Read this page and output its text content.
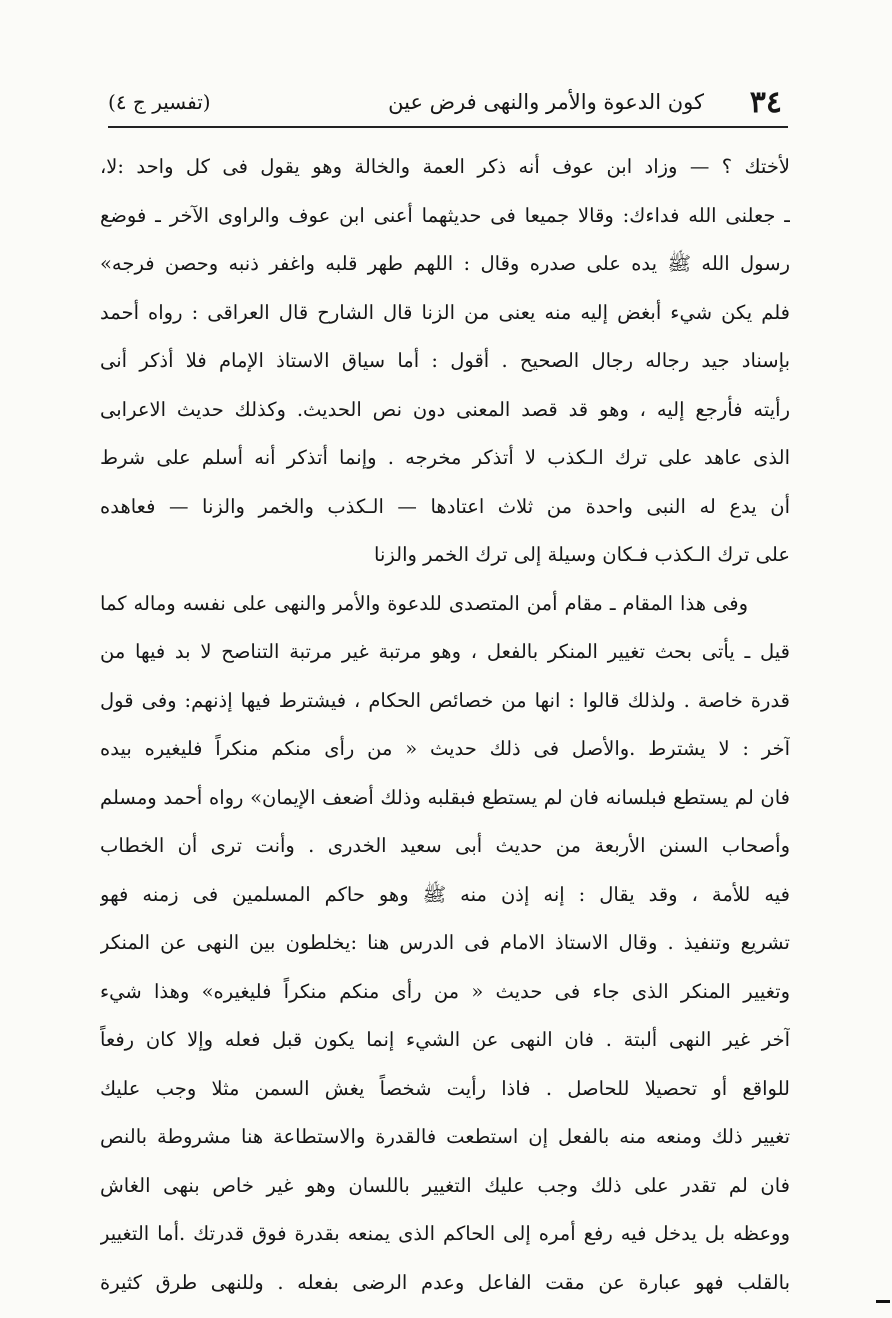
٣٤
كون الدعوة والأمر والنهى فرض عين
(تفسير ج ٤)
لأختك ؟ — وزاد ابن عوف أنه ذكر العمة والخالة وهو يقول فى كل واحد :لا،
ـ جعلنى الله فداءك: وقالا جميعا فى حديثهما أعنى ابن عوف والراوى الآخر ـ فوضع
رسول الله ﷺ يده على صدره وقال : اللهم طهر قلبه واغفر ذنبه وحصن فرجه»
فلم يكن شيء أبغض إليه منه يعنى من الزنا قال الشارح قال العراقى : رواه أحمد
بإسناد جيد رجاله رجال الصحيح . أقول : أما سياق الاستاذ الإمام فلا أذكر أنى
رأيته فأرجع إليه ، وهو قد قصد المعنى دون نص الحديث. وكذلك حديث الاعرابى
الذى عاهد على ترك الـكذب لا أتذكر مخرجه . وإنما أتذكر أنه أسلم على شرط
أن يدع له النبى واحدة من ثلاث اعتادها — الـكذب والخمر والزنا — فعاهده
على ترك الـكذب فـكان وسيلة إلى ترك الخمر والزنا
وفى هذا المقام ـ مقام أمن المتصدى للدعوة والأمر والنهى على نفسه وماله كما
قيل ـ يأتى بحث تغيير المنكر بالفعل ، وهو مرتبة غير مرتبة التناصح لا بد فيها من
قدرة خاصة . ولذلك قالوا : انها من خصائص الحكام ، فيشترط فيها إذنهم: وفى قول
آخر : لا يشترط .والأصل فى ذلك حديث « من رأى منكم منكراً فليغيره بيده
فان لم يستطع فبلسانه فان لم يستطع فبقلبه وذلك أضعف الإيمان» رواه أحمد ومسلم
وأصحاب السنن الأربعة من حديث أبى سعيد الخدرى . وأنت ترى أن الخطاب
فيه للأمة ، وقد يقال : إنه إذن منه ﷺ وهو حاكم المسلمين فى زمنه فهو
تشريع وتنفيذ . وقال الاستاذ الامام فى الدرس هنا :يخلطون بين النهى عن المنكر
وتغيير المنكر الذى جاء فى حديث « من رأى منكم منكراً فليغيره» وهذا شيء
آخر غير النهى ألبتة . فان النهى عن الشيء إنما يكون قبل فعله وإلا كان رفعاً
للواقع أو تحصيلا للحاصل . فاذا رأيت شخصاً يغش السمن مثلا وجب عليك
تغيير ذلك ومنعه منه بالفعل إن استطعت فالقدرة والاستطاعة هنا مشروطة بالنص
فان لم تقدر على ذلك وجب عليك التغيير باللسان وهو غير خاص بنهى الغاش
ووعظه بل يدخل فيه رفع أمره إلى الحاكم الذى يمنعه بقدرة فوق قدرتك .أما التغيير
بالقلب فهو عبارة عن مقت الفاعل وعدم الرضى بفعله . وللنهى طرق كثيرة
